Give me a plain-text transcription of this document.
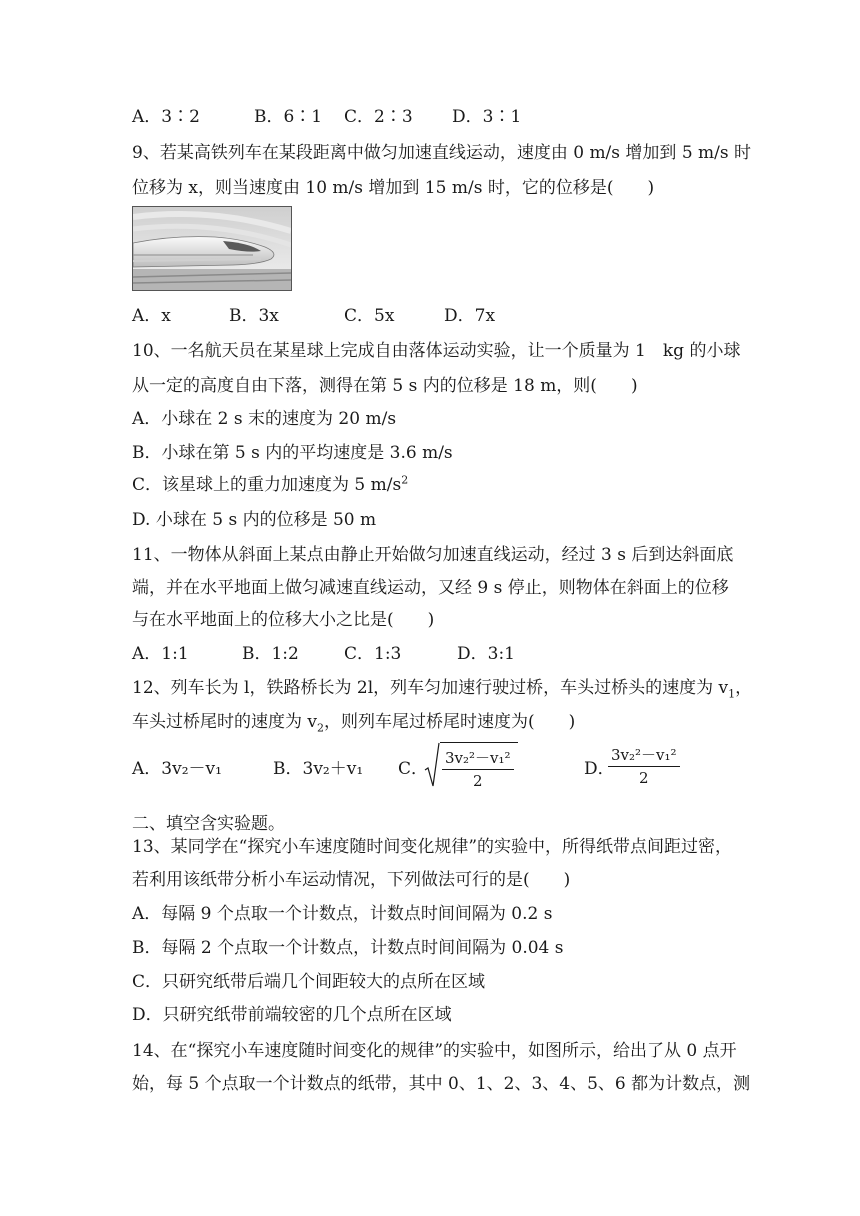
A．3∶2	B．6∶1 C．2∶3 D．3∶1
9、若某高铁列车在某段距离中做匀加速直线运动，速度由 0 m/s 增加到 5 m/s 时
位移为 x，则当速度由 10 m/s 增加到 15 m/s 时，它的位移是(　　)
A．x	B．3x	C．5x	D．7x
10、一名航天员在某星球上完成自由落体运动实验，让一个质量为 1　kg 的小球
从一定的高度自由下落，测得在第 5 s 内的位移是 18 m，则(　　)
A．小球在 2 s 末的速度为 20 m/s
B．小球在第 5 s 内的平均速度是 3.6 m/s
C．该星球上的重力加速度为 5 $m/s^2$
D. 小球在 5 s 内的位移是 50 m
11、一物体从斜面上某点由静止开始做匀加速直线运动，经过 3 s 后到达斜面底
端，并在水平地面上做匀减速直线运动，又经 9 s 停止，则物体在斜面上的位移
与在水平地面上的位移大小之比是(　　)
A．1:1	B．1:2	C．1:3	D．3:1
12、列车长为 l，铁路桥长为 2l，列车匀加速行驶过桥，车头过桥头的速度为 $v_1$，
车头过桥尾时的速度为 $v_2$，则列车尾过桥尾时速度为(　　)
A．3v₂－v₁	B．3v₂＋v₁ C．	D．
$\frac{\text{3v₂²－v₁²}}{2}$	$\frac{\text{3v₂²－v₁²}}{2}$
二、填空含实验题。
13、某同学在“探究小车速度随时间变化规律”的实验中，所得纸带点间距过密，
若利用该纸带分析小车运动情况，下列做法可行的是(　　)
A．每隔 9 个点取一个计数点，计数点时间间隔为 0.2 s
B．每隔 2 个点取一个计数点，计数点时间间隔为 0.04 s
C．只研究纸带后端几个间距较大的点所在区域
D．只研究纸带前端较密的几个点所在区域
14、在“探究小车速度随时间变化的规律”的实验中，如图所示，给出了从 0 点开
始，每 5 个点取一个计数点的纸带，其中 0、1、2、3、4、5、6 都为计数点，测
